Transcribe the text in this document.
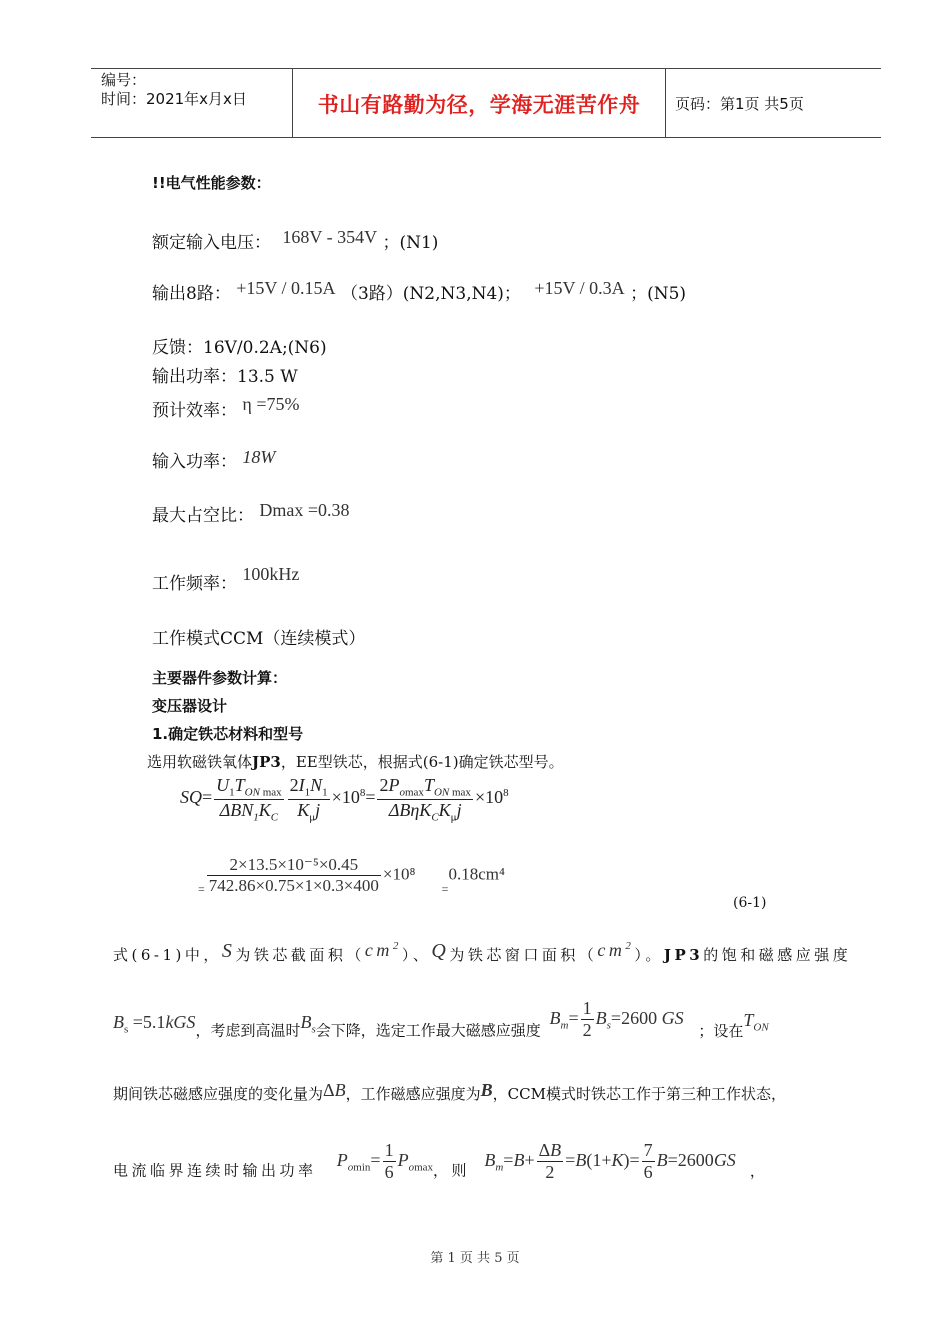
编号：
时间：2021年x月x日	书山有路勤为径，学海无涯苦作舟	页码：第1页 共5页
!!电气性能参数：
额定输入电压： 168V - 354V ；(N1)
输出8路： +15V / 0.15A （3路）(N2,N3,N4)； +15V / 0.3A ；(N5)
反馈：16V/0.2A;(N6)
输出功率：13.5 W
预计效率： η =75%
输入功率： 18W
最大占空比： Dmax =0.38
工作频率： 100kHz
工作模式CCM（连续模式）
主要器件参数计算：
变压器设计
1.确定铁芯材料和型号
选用软磁铁氧体JP3，EE型铁芯，根据式(6-1)确定铁芯型号。
$SQ= \frac{U_1T_{ON max}}{\Delta BN_1K_C} \frac{2I_1N_1}{K_\mu j} \times 10^8= \frac{2P_{omax}T_{ON max}}{\Delta B\eta K_CK_\mu j} \times 10^8$
$_= \frac{\text{2×13.5×10⁻⁵×0.45}}{742.86\times 0.75\times 1\times 0.3\times 400} \times 10^8$ $_=$0.18cm⁴
(6-1)
式(6-1)中，S为铁芯截面积$(cm^2)$、Q为铁芯窗口面积$(cm^2)$。JP3的饱和磁感应强度
$B_s =5.1kGS$，考虑到高温时$B_s$会下降，选定工作最大磁感应强度 $B_m= \frac{1}{2} B_s=2600$ GS ；设在$T_{ON}$
期间铁芯磁感应强度的变化量为ΔB，工作磁感应强度为B，CCM模式时铁芯工作于第三种工作状态，
电流临界连续时输出功率 $P_{omin}= \frac{1}{6} P_{omax}$，则 $B_m=B+ \frac{\Delta B}{2} =B(1+K)= \frac{7}{6} B=2600GS$，
第 1 页 共 5 页
